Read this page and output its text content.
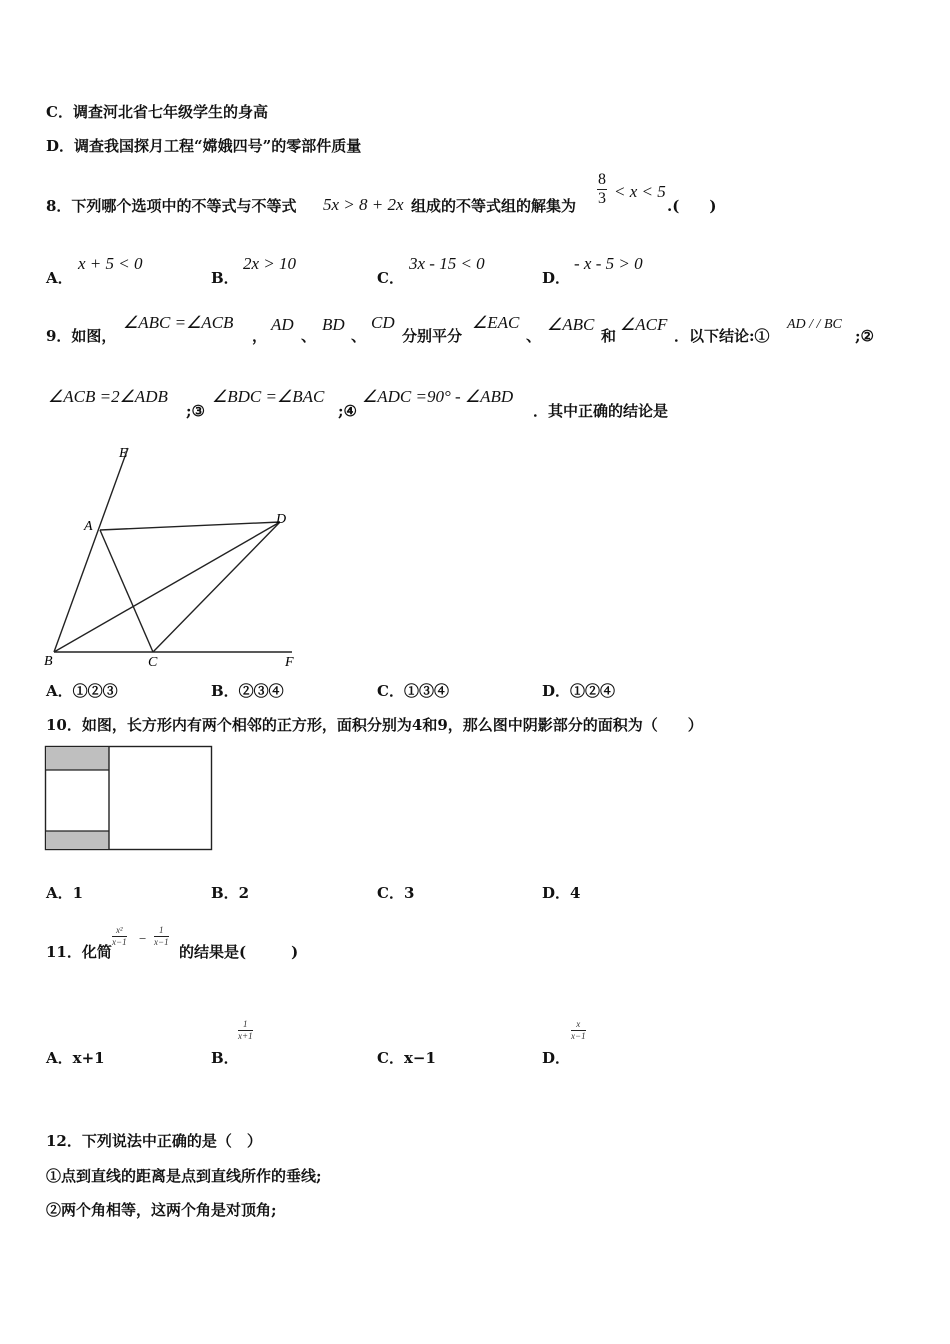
C．调查河北省七年级学生的身高
D．调查我国探月工程“嫦娥四号”的零部件质量
8．下列哪个选项中的不等式与不等式 5x > 8 + 2x 组成的不等式组的解集为 $\frac{8}{3} < x < 5$
.(　　)
A．
x + 5 < 0
B．
2x > 10
C．
3x - 15 < 0
D．
- x - 5 > 0
9．如图，
∠ABC =∠ACB
，
AD
、
BD
、
CD
分别平分
∠EAC
、
∠ABC
和
∠ACF
．以下结论:①
AD / / BC
;②
∠ACB =2∠ADB
;③
∠BDC =∠BAC
;④
∠ADC =90° - ∠ABD
．其中正确的结论是
E
A	D
B	C	F
A．①②③	B．②③④	C．①③④	D．①②④
10．如图，长方形内有两个相邻的正方形，面积分别为4和9，那么图中阴影部分的面积为（　　）
A．1	B．2	C．3	D．4
11．化简
$\frac{\text{x²}}{x-1} - \frac{1}{x-1}$
的结果是(　　　)
A．x+1	B．
$\frac{1}{x+1}$
C．x−1	D．
$\frac{x}{x-1}$
12．下列说法中正确的是（　）
①点到直线的距离是点到直线所作的垂线;
②两个角相等，这两个角是对顶角;
